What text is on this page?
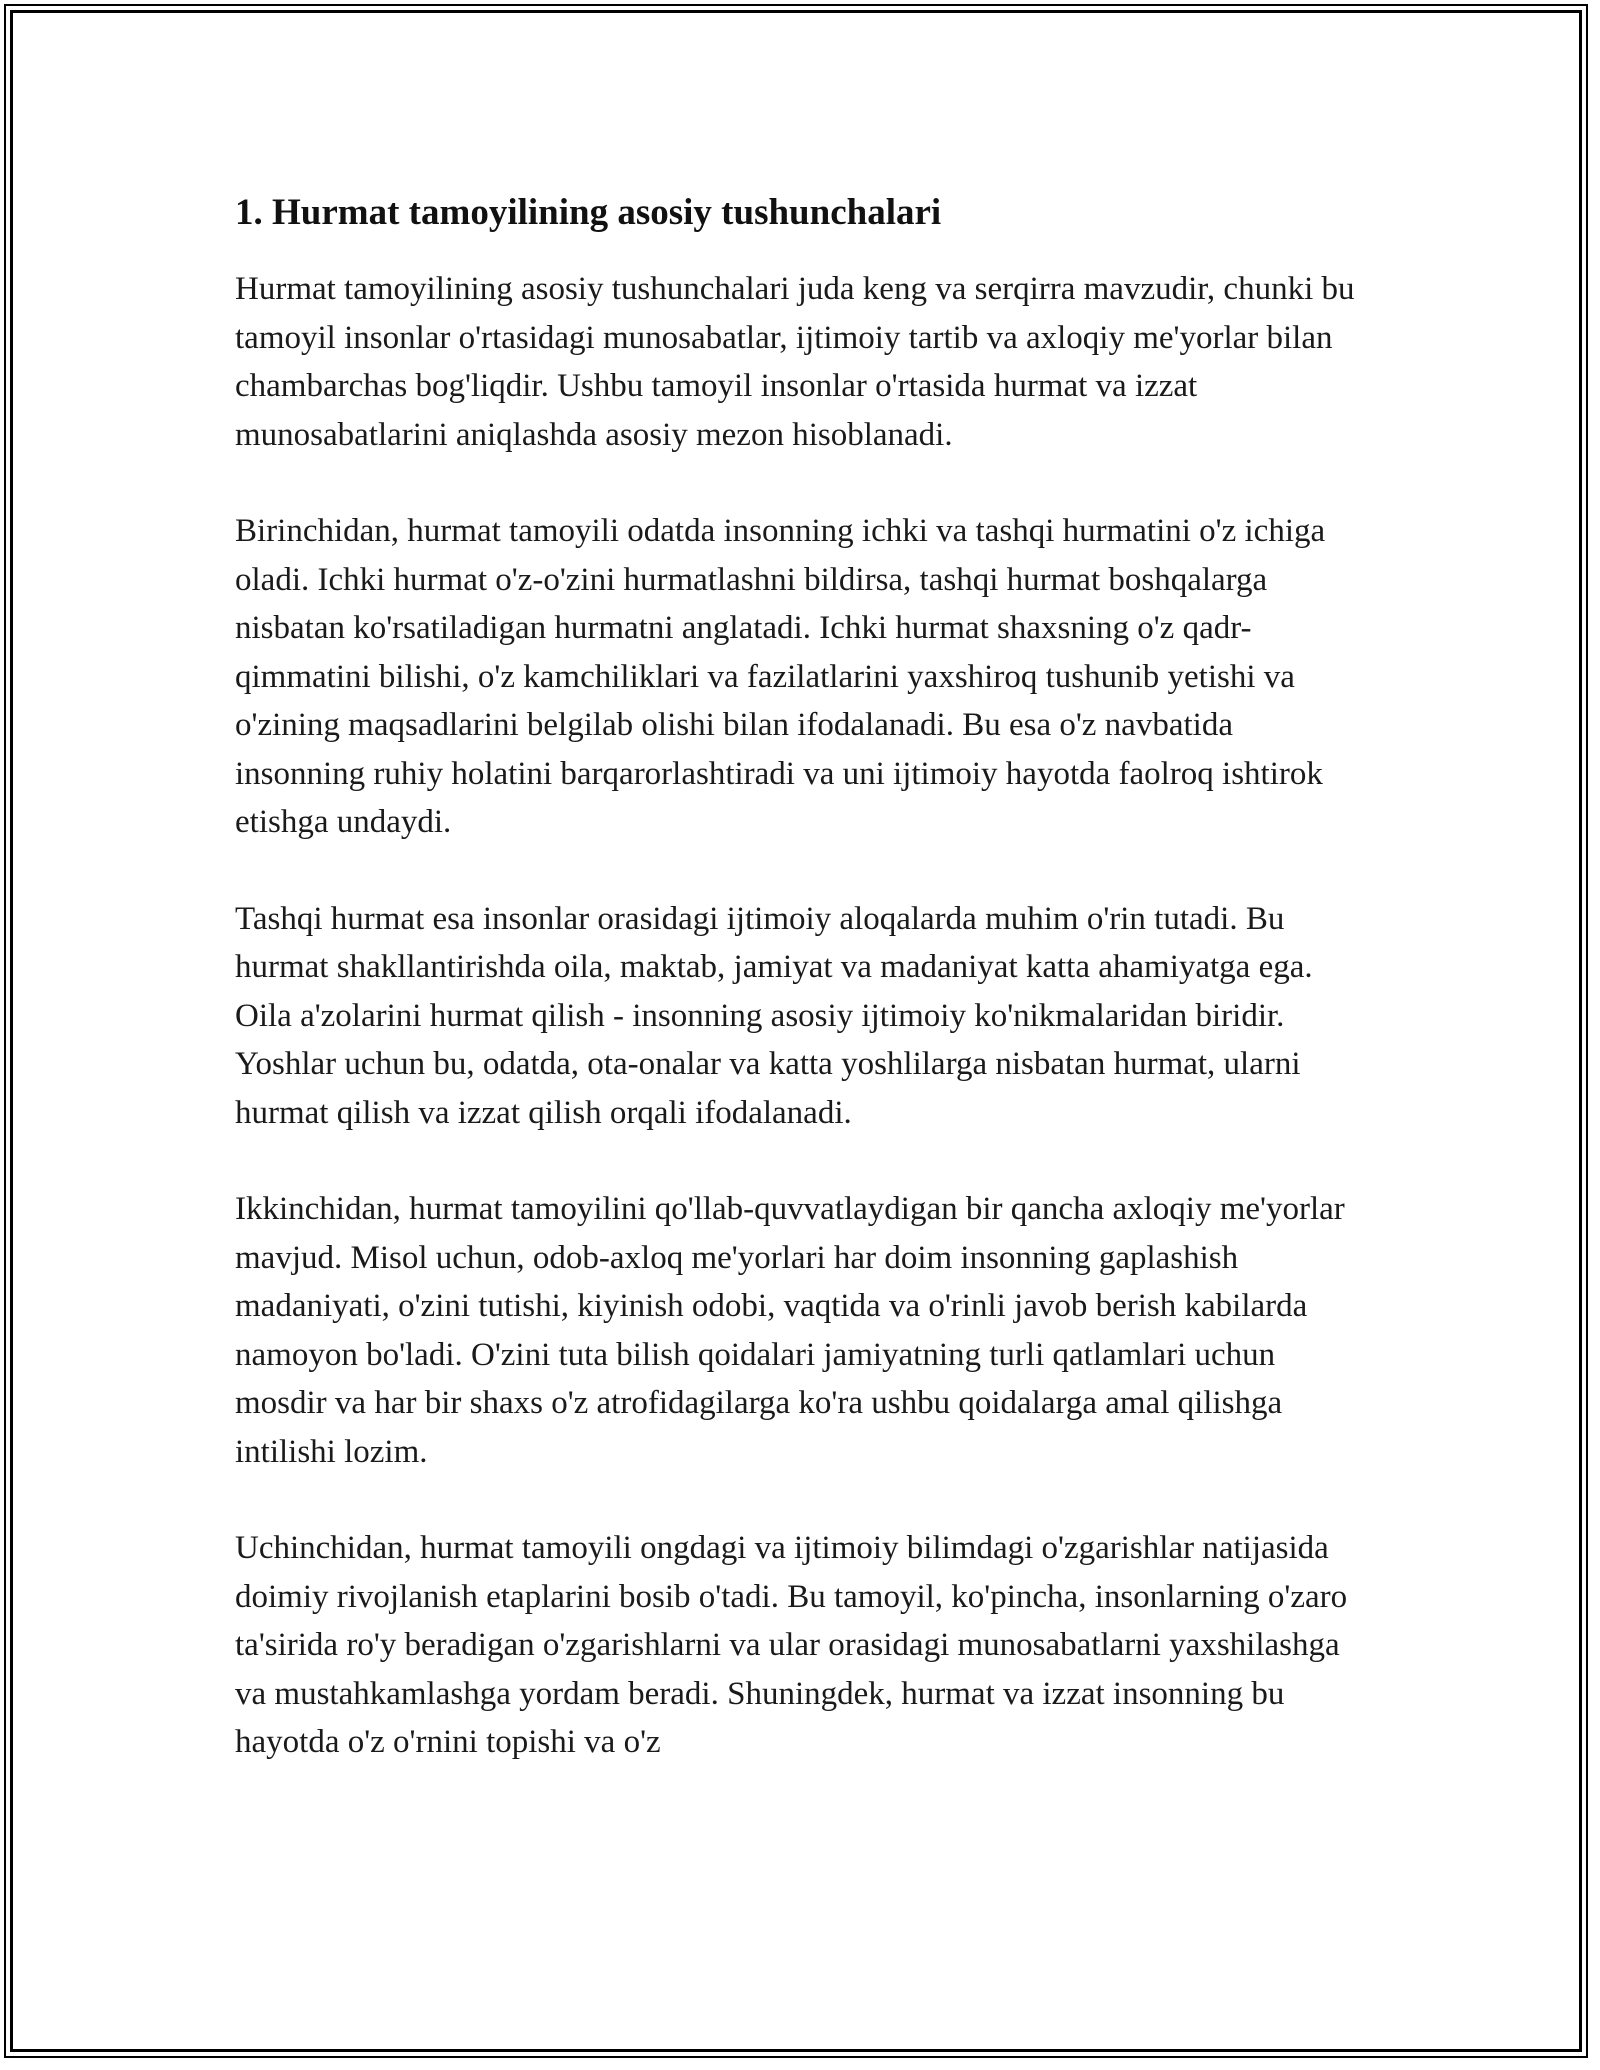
1. Hurmat tamoyilining asosiy tushunchalari

Hurmat tamoyilining asosiy tushunchalari juda keng va serqirra mavzudir, chunki bu tamoyil insonlar o'rtasidagi munosabatlar, ijtimoiy tartib va axloqiy me'yorlar bilan chambarchas bog'liqdir. Ushbu tamoyil insonlar o'rtasida hurmat va izzat munosabatlarini aniqlashda asosiy mezon hisoblanadi.

Birinchidan, hurmat tamoyili odatda insonning ichki va tashqi hurmatini o'z ichiga oladi. Ichki hurmat o'z-o'zini hurmatlashni bildirsa, tashqi hurmat boshqalarga nisbatan ko'rsatiladigan hurmatni anglatadi. Ichki hurmat shaxsning o'z qadr-qimmatini bilishi, o'z kamchiliklari va fazilatlarini yaxshiroq tushunib yetishi va o'zining maqsadlarini belgilab olishi bilan ifodalanadi. Bu esa o'z navbatida insonning ruhiy holatini barqarorlashtiradi va uni ijtimoiy hayotda faolroq ishtirok etishga undaydi.

Tashqi hurmat esa insonlar orasidagi ijtimoiy aloqalarda muhim o'rin tutadi. Bu hurmat shakllantirishda oila, maktab, jamiyat va madaniyat katta ahamiyatga ega. Oila a'zolarini hurmat qilish - insonning asosiy ijtimoiy ko'nikmalaridan biridir. Yoshlar uchun bu, odatda, ota-onalar va katta yoshlilarga nisbatan hurmat, ularni hurmat qilish va izzat qilish orqali ifodalanadi.

Ikkinchidan, hurmat tamoyilini qo'llab-quvvatlaydigan bir qancha axloqiy me'yorlar mavjud. Misol uchun, odob-axloq me'yorlari har doim insonning gaplashish madaniyati, o'zini tutishi, kiyinish odobi, vaqtida va o'rinli javob berish kabilarda namoyon bo'ladi. O'zini tuta bilish qoidalari jamiyatning turli qatlamlari uchun mosdir va har bir shaxs o'z atrofidagilarga ko'ra ushbu qoidalarga amal qilishga intilishi lozim.

Uchinchidan, hurmat tamoyili ongdagi va ijtimoiy bilimdagi o'zgarishlar natijasida doimiy rivojlanish etaplarini bosib o'tadi. Bu tamoyil, ko'pincha, insonlarning o'zaro ta'sirida ro'y beradigan o'zgarishlarni va ular orasidagi munosabatlarni yaxshilashga va mustahkamlashga yordam beradi. Shuningdek, hurmat va izzat insonning bu hayotda o'z o'rnini topishi va o'z
